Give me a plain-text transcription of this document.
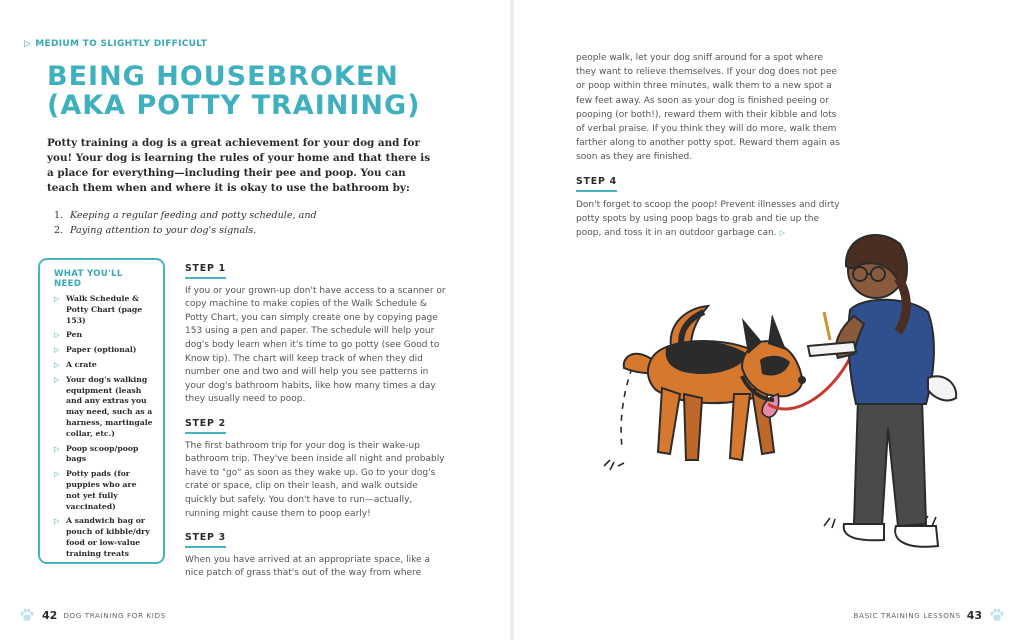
▷ MEDIUM TO SLIGHTLY DIFFICULT
BEING HOUSEBROKEN
(AKA POTTY TRAINING)

Potty training a dog is a great achievement for your dog and for you! Your dog is learning the rules of your home and that there is a place for everything—including their pee and poop. You can teach them when and where it is okay to use the bathroom by:

1. Keeping a regular feeding and potty schedule, and
2. Paying attention to your dog's signals.
WHAT YOU'LL NEED
▷ Walk Schedule & Potty Chart (page 153)
▷ Pen
▷ Paper (optional)
▷ A crate
▷ Your dog's walking equipment (leash and any extras you may need, such as a harness, martingale collar, etc.)
▷ Poop scoop/poop bags
▷ Potty pads (for puppies who are not yet fully vaccinated)
▷ A sandwich bag or pouch of kibble/dry food or low-value training treats
STEP 1

If you or your grown-up don't have access to a scanner or copy machine to make copies of the Walk Schedule & Potty Chart, you can simply create one by copying page 153 using a pen and paper. The schedule will help your dog's body learn when it's time to go potty (see Good to Know tip). The chart will keep track of when they did number one and two and will help you see patterns in your dog's bathroom habits, like how many times a day they usually need to poop.

STEP 2

The first bathroom trip for your dog is their wake-up bathroom trip. They've been inside all night and probably have to "go" as soon as they wake up. Go to your dog's crate or space, clip on their leash, and walk outside quickly but safely. You don't have to run—actually, running might cause them to poop early!

STEP 3

When you have arrived at an appropriate space, like a nice patch of grass that's out of the way from where

42 DOG TRAINING FOR KIDS

people walk, let your dog sniff around for a spot where they want to relieve themselves. If your dog does not pee or poop within three minutes, walk them to a new spot a few feet away. As soon as your dog is finished peeing or pooping (or both!), reward them with their kibble and lots of verbal praise. If you think they will do more, walk them farther along to another potty spot. Reward them again as soon as they are finished.

STEP 4

Don't forget to scoop the poop! Prevent illnesses and dirty potty spots by using poop bags to grab and tie up the poop, and toss it in an outdoor garbage can. ▷

BASIC TRAINING LESSONS 43
